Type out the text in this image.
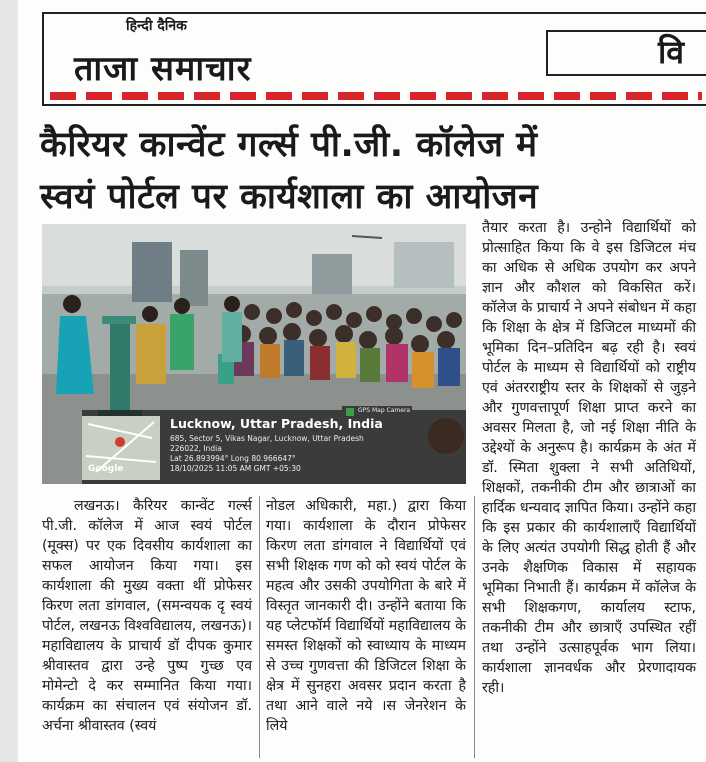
हिन्दी दैनिक
ताजा समाचार	वि
कैरियर कान्वेंट गर्ल्स पी.जी. कॉलेज में
स्वयं पोर्टल पर कार्यशाला का आयोजन
GPS Map Camera
Google
Lucknow, Uttar Pradesh, India
685, Sector 5, Vikas Nagar, Lucknow, Uttar Pradesh
226022, India
Lat 26.893994° Long 80.966647°
18/10/2025 11:05 AM GMT +05:30

लखनऊ। कैरियर कान्वेंट गर्ल्स पी.जी. कॉलेज में आज स्वयं पोर्टल (मूक्स) पर एक दिवसीय कार्यशाला का सफल आयोजन किया गया। इस कार्यशाला की मुख्य वक्ता थीं प्रोफेसर किरण लता डांगवाल, (समन्वयक दृ स्वयं पोर्टल, लखनऊ विश्वविद्यालय, लखनऊ)। महाविद्यालय के प्राचार्य डॉ दीपक कुमार श्रीवास्तव द्वारा उन्हे पुष्प गुच्छ एव मोमेन्टो दे कर सम्मानित किया गया। कार्यक्रम का संचालन एवं संयोजन डॉ. अर्चना श्रीवास्तव (स्वयं

नोडल अधिकारी, महा.) द्वारा किया गया। कार्यशाला के दौरान प्रोफेसर किरण लता डांगवाल ने विद्यार्थियों एवं सभी शिक्षक गण को को स्वयं पोर्टल के महत्व और उसकी उपयोगिता के बारे में विस्तृत जानकारी दी। उन्होंने बताया कि यह प्लेटफॉर्म विद्यार्थियों महाविद्यालय के समस्त शिक्षकों को स्वाध्याय के माध्यम से उच्च गुणवत्ता की डिजिटल शिक्षा के क्षेत्र में सुनहरा अवसर प्रदान करता है तथा आने वाले नये ।स जेनरेशन के लिये

तैयार करता है। उन्होने विद्यार्थियों को प्रोत्साहित किया कि वे इस डिजिटल मंच का अधिक से अधिक उपयोग कर अपने ज्ञान और कौशल को विकसित करें। कॉलेज के प्राचार्य ने अपने संबोधन में कहा कि शिक्षा के क्षेत्र में डिजिटल माध्यमों की भूमिका दिन–प्रतिदिन बढ़ रही है। स्वयं पोर्टल के माध्यम से विद्यार्थियों को राष्ट्रीय एवं अंतरराष्ट्रीय स्तर के शिक्षकों से जुड़ने और गुणवत्तापूर्ण शिक्षा प्राप्त करने का अवसर मिलता है, जो नई शिक्षा नीति के उद्देश्यों के अनुरूप है। कार्यक्रम के अंत में डॉ. स्मिता शुक्ला ने सभी अतिथियों, शिक्षकों, तकनीकी टीम और छात्राओं का हार्दिक धन्यवाद ज्ञापित किया। उन्होंने कहा कि इस प्रकार की कार्यशालाएँ विद्यार्थियों के लिए अत्यंत उपयोगी सिद्ध होती हैं और उनके शैक्षणिक विकास में सहायक भूमिका निभाती हैं। कार्यक्रम में कॉलेज के सभी शिक्षकगण, कार्यालय स्टाफ, तकनीकी टीम और छात्राएँ उपस्थित रहीं तथा उन्होंने उत्साहपूर्वक भाग लिया। कार्यशाला ज्ञानवर्धक और प्रेरणादायक रही।
